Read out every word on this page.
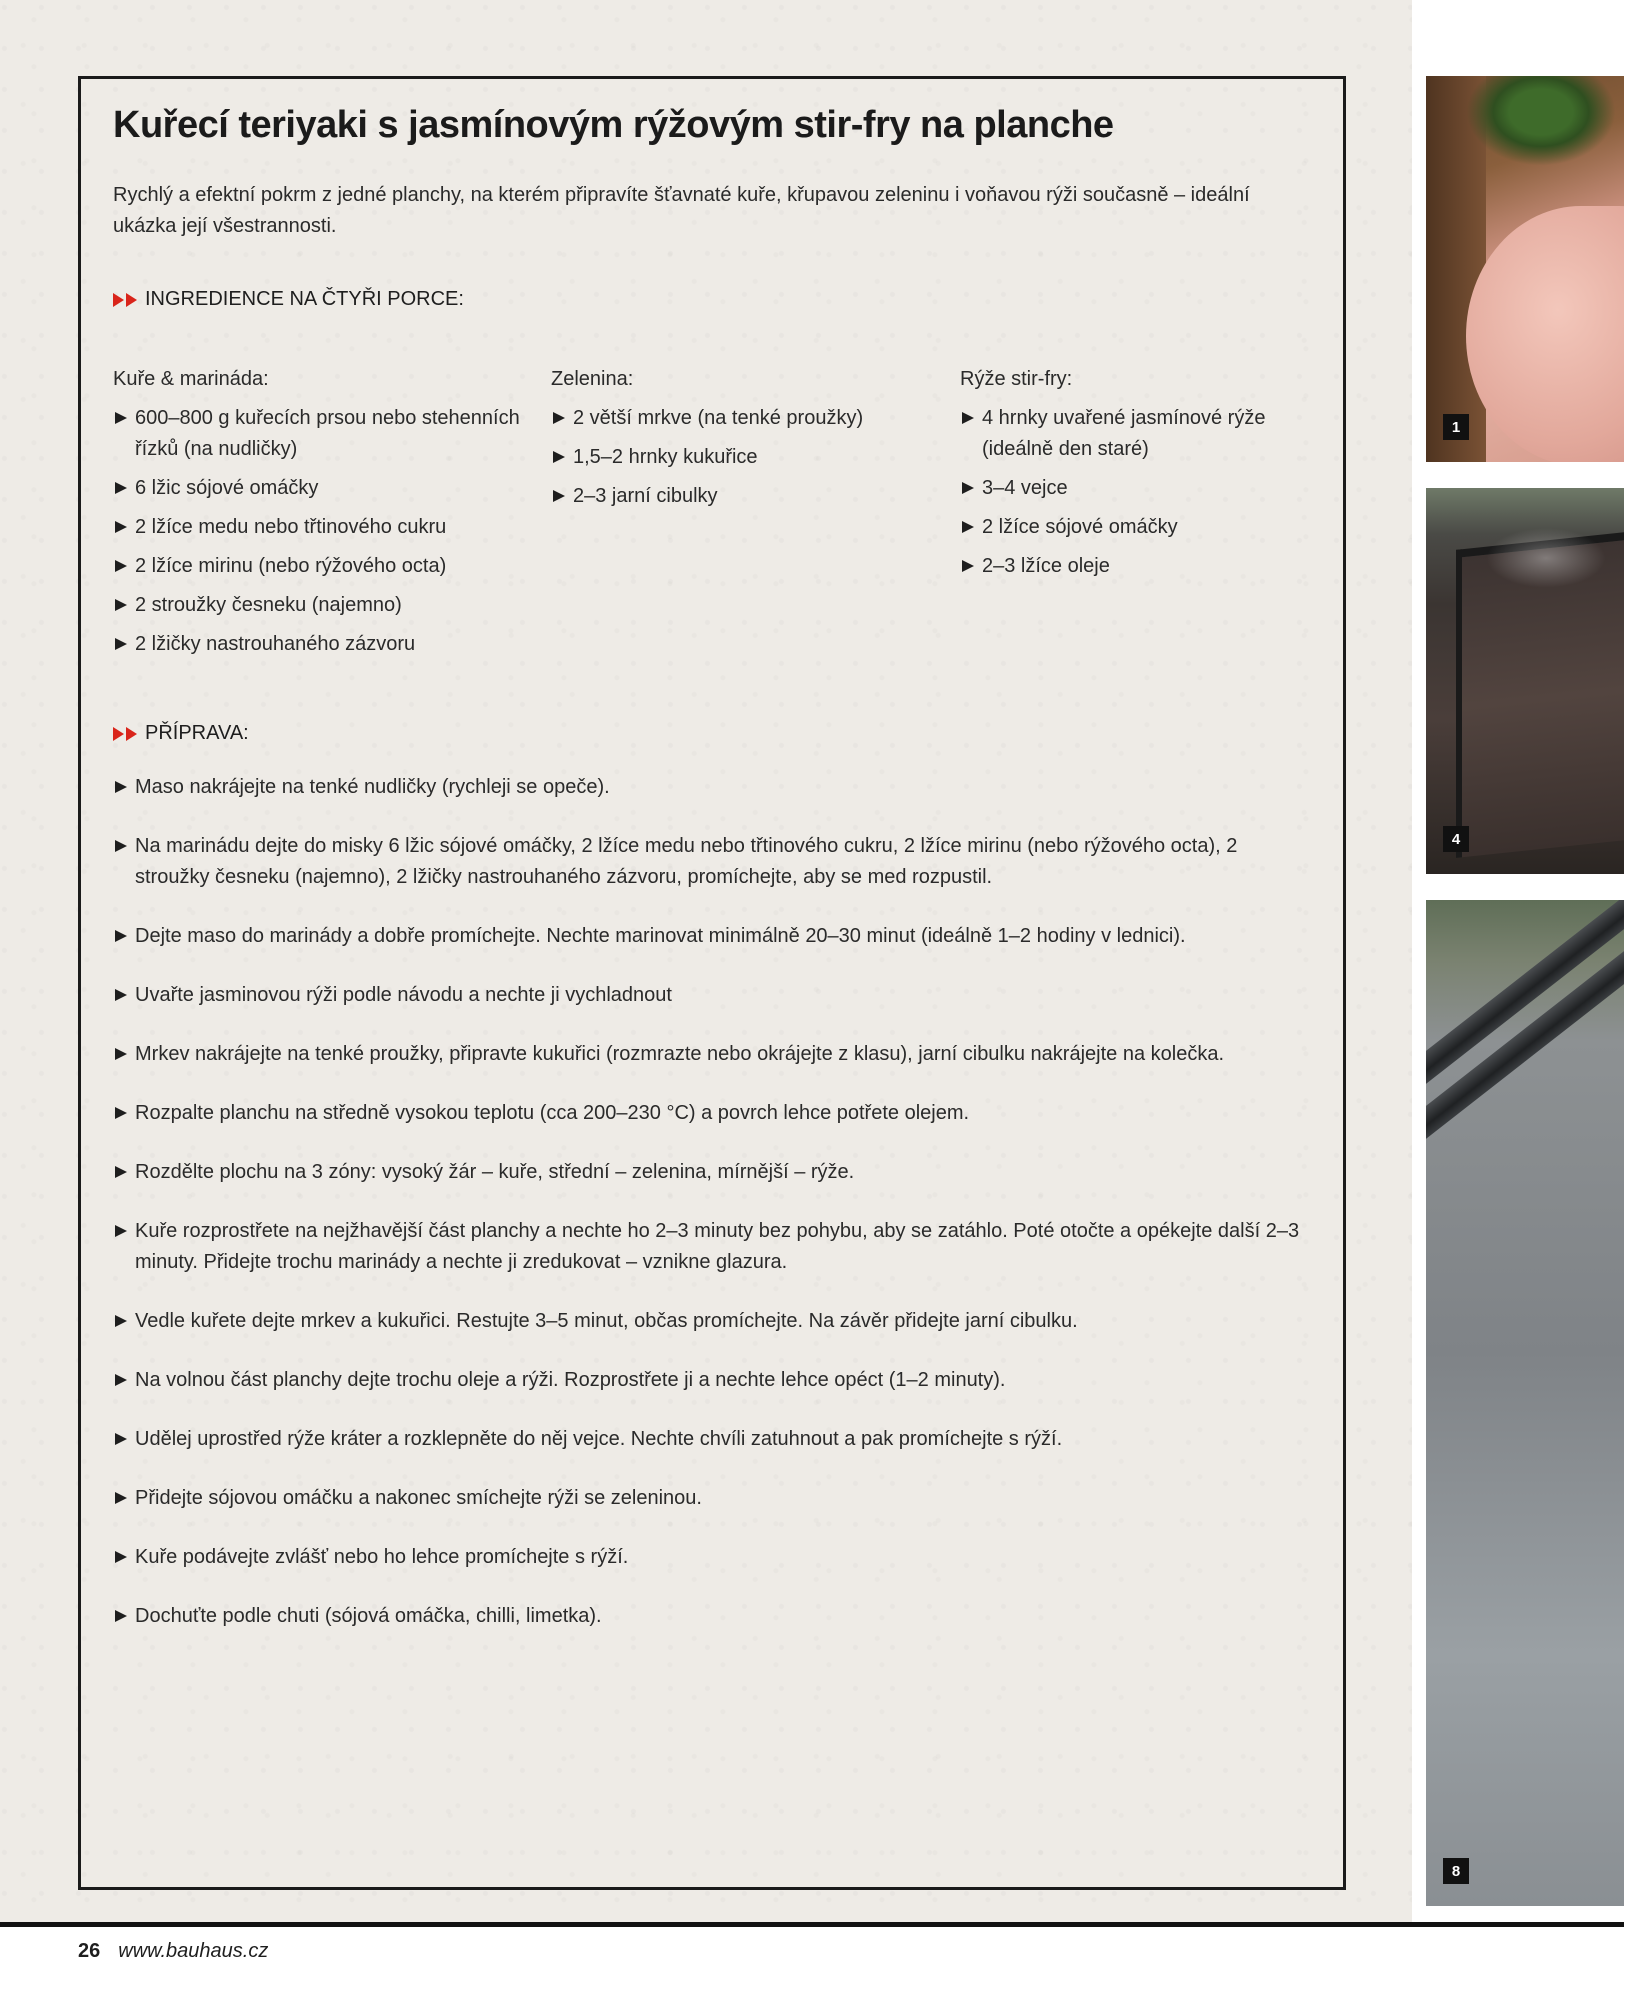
Kuřecí teriyaki s jasmínovým rýžovým stir-fry na planche

Rychlý a efektní pokrm z jedné planchy, na kterém připravíte šťavnaté kuře, křupavou zeleninu i voňavou rýži současně – ideální ukázka její všestrannosti.

INGREDIENCE NA ČTYŘI PORCE:

Kuře & marináda:

600–800 g kuřecích prsou nebo stehenních řízků (na nudličky)
6 lžic sójové omáčky
2 lžíce medu nebo třtinového cukru
2 lžíce mirinu (nebo rýžového octa)
2 stroužky česneku (najemno)
2 lžičky nastrouhaného zázvoru

Zelenina:

2 větší mrkve (na tenké proužky)
1,5–2 hrnky kukuřice
2–3 jarní cibulky

Rýže stir-fry:

4 hrnky uvařené jasmínové rýže (ideálně den staré)
3–4 vejce
2 lžíce sójové omáčky
2–3 lžíce oleje
PŘÍPRAVA:
Maso nakrájejte na tenké nudličky (rychleji se opeče).
Na marinádu dejte do misky 6 lžic sójové omáčky, 2 lžíce medu nebo třtinového cukru, 2 lžíce mirinu (nebo rýžového octa), 2 stroužky česneku (najemno), 2 lžičky nastrouhaného zázvoru, promíchejte, aby se med rozpustil.
Dejte maso do marinády a dobře promíchejte. Nechte marinovat minimálně 20–30 minut (ideálně 1–2 hodiny v lednici).
Uvařte jasminovou rýži podle návodu a nechte ji vychladnout
Mrkev nakrájejte na tenké proužky, připravte kukuřici (rozmrazte nebo okrájejte z klasu), jarní cibulku nakrájejte na kolečka.
Rozpalte planchu na středně vysokou teplotu (cca 200–230 °C) a povrch lehce potřete olejem.
Rozdělte plochu na 3 zóny: vysoký žár – kuře, střední – zelenina, mírnější – rýže.
Kuře rozprostřete na nejžhavější část planchy a nechte ho 2–3 minuty bez pohybu, aby se zatáhlo. Poté otočte a opékejte další 2–3 minuty. Přidejte trochu marinády a nechte ji zredukovat – vznikne glazura.
Vedle kuřete dejte mrkev a kukuřici. Restujte 3–5 minut, občas promíchejte. Na závěr přidejte jarní cibulku.
Na volnou část planchy dejte trochu oleje a rýži. Rozprostřete ji a nechte lehce opéct (1–2 minuty).
Udělej uprostřed rýže kráter a rozklepněte do něj vejce. Nechte chvíli zatuhnout a pak promíchejte s rýží.
Přidejte sójovou omáčku a nakonec smíchejte rýži se zeleninou.
Kuře podávejte zvlášť nebo ho lehce promíchejte s rýží.
Dochuťte podle chuti (sójová omáčka, chilli, limetka).
1
4
8
26 www.bauhaus.cz
